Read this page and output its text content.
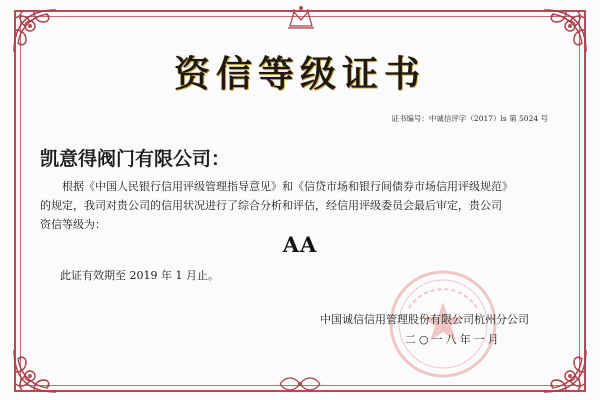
资信等级证书
证书编号：中诚信评字（2017）ls 第 5024 号
凯意得阀门有限公司：
根据《中国人民银行信用评级管理指导意见》和《信贷市场和银行间债券市场信用评级规范》
的规定，我司对贵公司的信用状况进行了综合分析和评估，经信用评级委员会最后审定，贵公司
资信等级为：
AA
此证有效期至 2019 年 1 月止。
中国诚信信用管理股份有限公司杭州分公司
二○一八年一月
